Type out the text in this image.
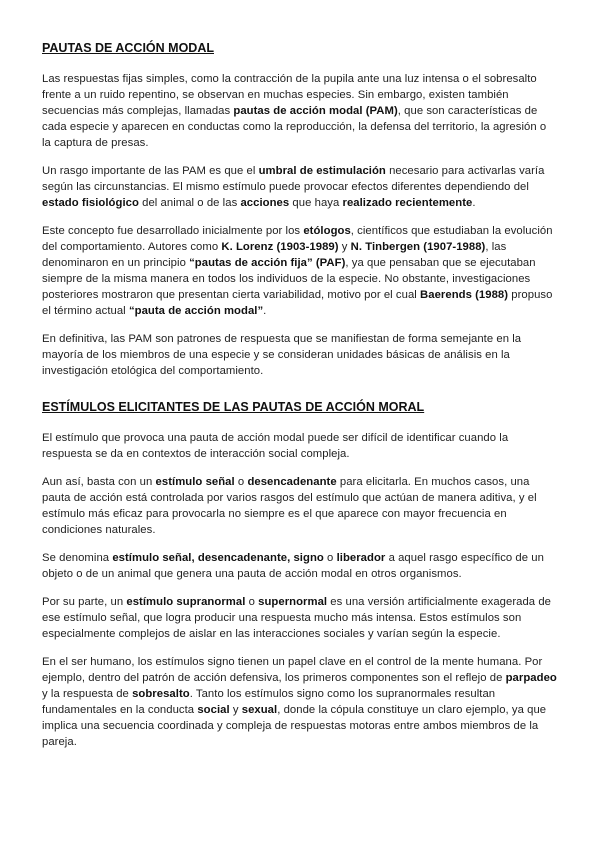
PAUTAS DE ACCIÓN MODAL

Las respuestas fijas simples, como la contracción de la pupila ante una luz intensa o el sobresalto frente a un ruido repentino, se observan en muchas especies. Sin embargo, existen también secuencias más complejas, llamadas pautas de acción modal (PAM), que son características de cada especie y aparecen en conductas como la reproducción, la defensa del territorio, la agresión o la captura de presas.

Un rasgo importante de las PAM es que el umbral de estimulación necesario para activarlas varía según las circunstancias. El mismo estímulo puede provocar efectos diferentes dependiendo del estado fisiológico del animal o de las acciones que haya realizado recientemente.

Este concepto fue desarrollado inicialmente por los etólogos, científicos que estudiaban la evolución del comportamiento. Autores como K. Lorenz (1903-1989) y N. Tinbergen (1907-1988), las denominaron en un principio “pautas de acción fija” (PAF), ya que pensaban que se ejecutaban siempre de la misma manera en todos los individuos de la especie. No obstante, investigaciones posteriores mostraron que presentan cierta variabilidad, motivo por el cual Baerends (1988) propuso el término actual “pauta de acción modal”.

En definitiva, las PAM son patrones de respuesta que se manifiestan de forma semejante en la mayoría de los miembros de una especie y se consideran unidades básicas de análisis en la investigación etológica del comportamiento.

ESTÍMULOS ELICITANTES DE LAS PAUTAS DE ACCIÓN MORAL

El estímulo que provoca una pauta de acción modal puede ser difícil de identificar cuando la respuesta se da en contextos de interacción social compleja.

Aun así, basta con un estímulo señal o desencadenante para elicitarla. En muchos casos, una pauta de acción está controlada por varios rasgos del estímulo que actúan de manera aditiva, y el estímulo más eficaz para provocarla no siempre es el que aparece con mayor frecuencia en condiciones naturales.

Se denomina estímulo señal, desencadenante, signo o liberador a aquel rasgo específico de un objeto o de un animal que genera una pauta de acción modal en otros organismos.

Por su parte, un estímulo supranormal o supernormal es una versión artificialmente exagerada de ese estímulo señal, que logra producir una respuesta mucho más intensa. Estos estímulos son especialmente complejos de aislar en las interacciones sociales y varían según la especie.

En el ser humano, los estímulos signo tienen un papel clave en el control de la mente humana. Por ejemplo, dentro del patrón de acción defensiva, los primeros componentes son el reflejo de parpadeo y la respuesta de sobresalto. Tanto los estímulos signo como los supranormales resultan fundamentales en la conducta social y sexual, donde la cópula constituye un claro ejemplo, ya que implica una secuencia coordinada y compleja de respuestas motoras entre ambos miembros de la pareja.
